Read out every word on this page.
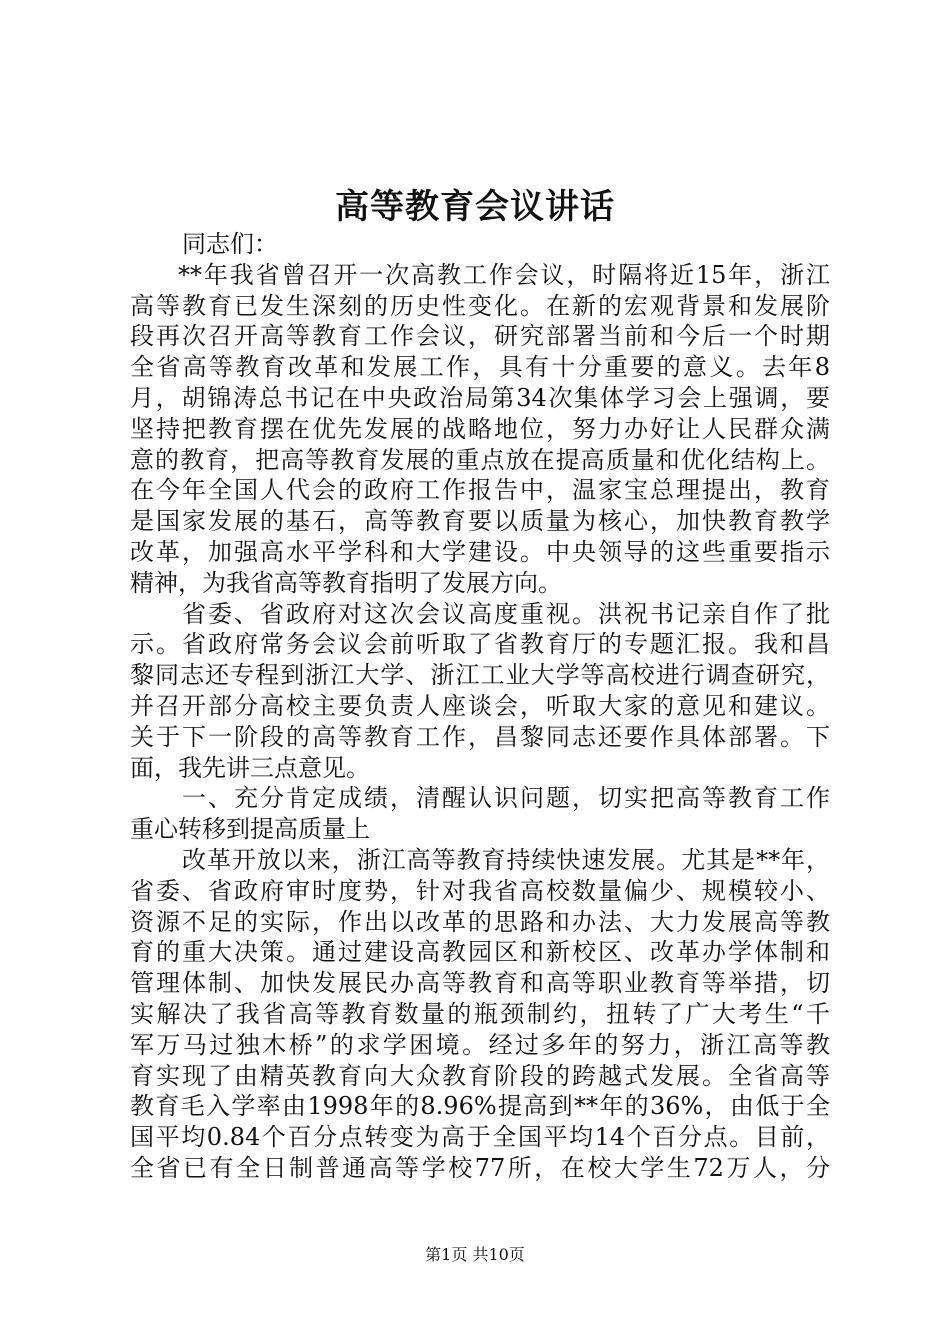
高等教育会议讲话
同志们：
**年我省曾召开一次高教工作会议，时隔将近15年，浙江
高等教育已发生深刻的历史性变化。在新的宏观背景和发展阶
段再次召开高等教育工作会议，研究部署当前和今后一个时期
全省高等教育改革和发展工作，具有十分重要的意义。去年8
月，胡锦涛总书记在中央政治局第34次集体学习会上强调，要
坚持把教育摆在优先发展的战略地位，努力办好让人民群众满
意的教育，把高等教育发展的重点放在提高质量和优化结构上。
在今年全国人代会的政府工作报告中，温家宝总理提出，教育
是国家发展的基石，高等教育要以质量为核心，加快教育教学
改革，加强高水平学科和大学建设。中央领导的这些重要指示
精神，为我省高等教育指明了发展方向。
省委、省政府对这次会议高度重视。洪祝书记亲自作了批
示。省政府常务会议会前听取了省教育厅的专题汇报。我和昌
黎同志还专程到浙江大学、浙江工业大学等高校进行调查研究，
并召开部分高校主要负责人座谈会，听取大家的意见和建议。
关于下一阶段的高等教育工作，昌黎同志还要作具体部署。下
面，我先讲三点意见。
一、充分肯定成绩，清醒认识问题，切实把高等教育工作
重心转移到提高质量上
改革开放以来，浙江高等教育持续快速发展。尤其是**年，
省委、省政府审时度势，针对我省高校数量偏少、规模较小、
资源不足的实际，作出以改革的思路和办法、大力发展高等教
育的重大决策。通过建设高教园区和新校区、改革办学体制和
管理体制、加快发展民办高等教育和高等职业教育等举措，切
实解决了我省高等教育数量的瓶颈制约，扭转了广大考生“千
军万马过独木桥”的求学困境。经过多年的努力，浙江高等教
育实现了由精英教育向大众教育阶段的跨越式发展。全省高等
教育毛入学率由1998年的8.96%提高到**年的36%，由低于全
国平均0.84个百分点转变为高于全国平均14个百分点。目前，
全省已有全日制普通高等学校77所，在校大学生72万人，分
第1页 共10页
